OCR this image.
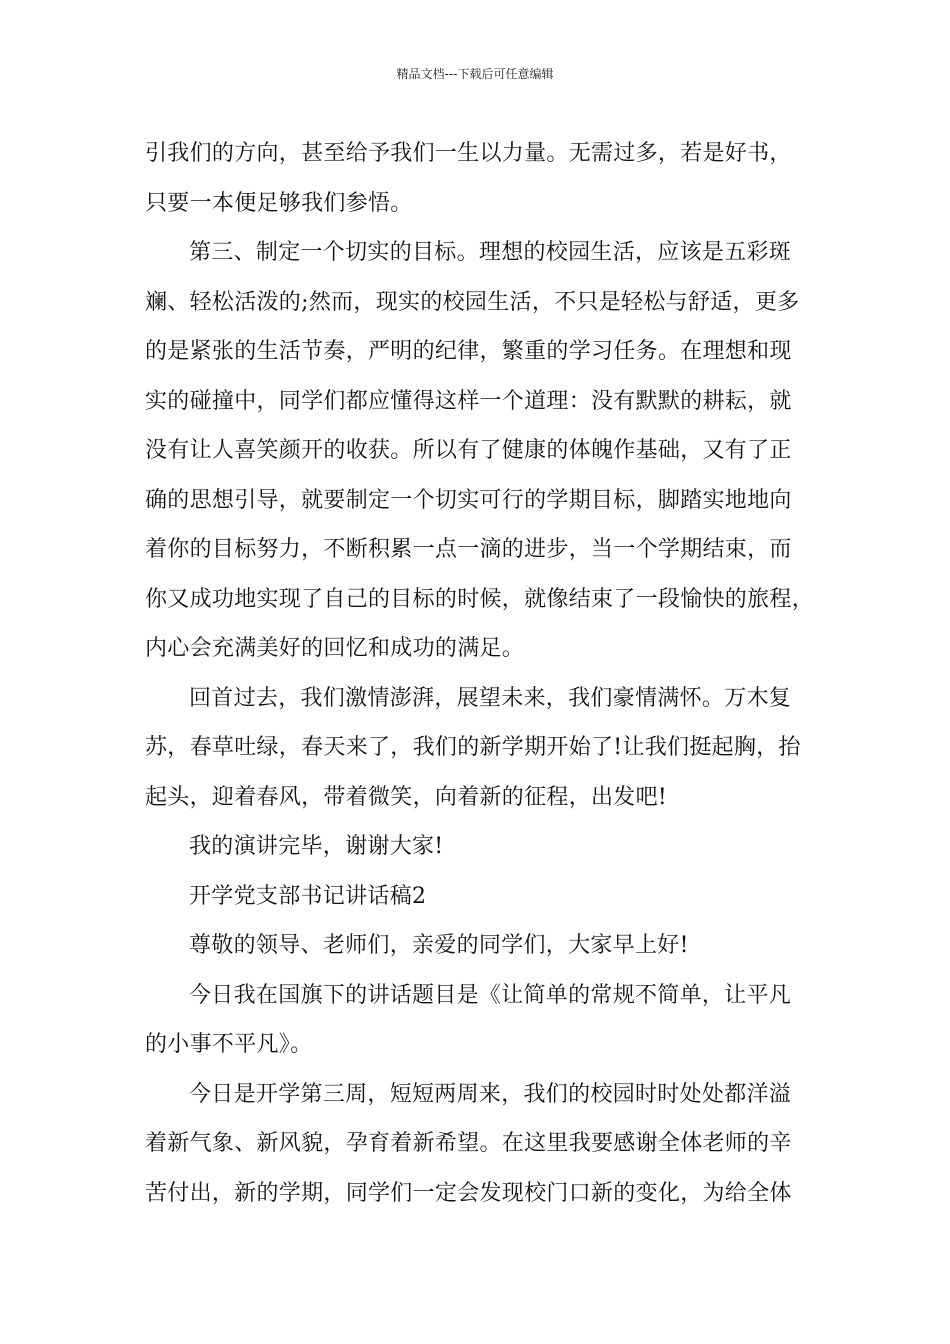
精品文档---下载后可任意编辑

引我们的方向，甚至给予我们一生以力量。无需过多，若是好书，
只要一本便足够我们参悟。

第三、制定一个切实的目标。理想的校园生活，应该是五彩斑
斓、轻松活泼的;然而，现实的校园生活，不只是轻松与舒适，更多
的是紧张的生活节奏，严明的纪律，繁重的学习任务。在理想和现
实的碰撞中，同学们都应懂得这样一个道理：没有默默的耕耘，就
没有让人喜笑颜开的收获。所以有了健康的体魄作基础，又有了正
确的思想引导，就要制定一个切实可行的学期目标，脚踏实地地向
着你的目标努力，不断积累一点一滴的进步，当一个学期结束，而
你又成功地实现了自己的目标的时候，就像结束了一段愉快的旅程，
内心会充满美好的回忆和成功的满足。

回首过去，我们激情澎湃，展望未来，我们豪情满怀。万木复
苏，春草吐绿，春天来了，我们的新学期开始了!让我们挺起胸，抬
起头，迎着春风，带着微笑，向着新的征程，出发吧!

我的演讲完毕，谢谢大家!

开学党支部书记讲话稿2

尊敬的领导、老师们，亲爱的同学们，大家早上好!

今日我在国旗下的讲话题目是《让简单的常规不简单，让平凡
的小事不平凡》。

今日是开学第三周，短短两周来，我们的校园时时处处都洋溢
着新气象、新风貌，孕育着新希望。在这里我要感谢全体老师的辛
苦付出，新的学期，同学们一定会发现校门口新的变化，为给全体
